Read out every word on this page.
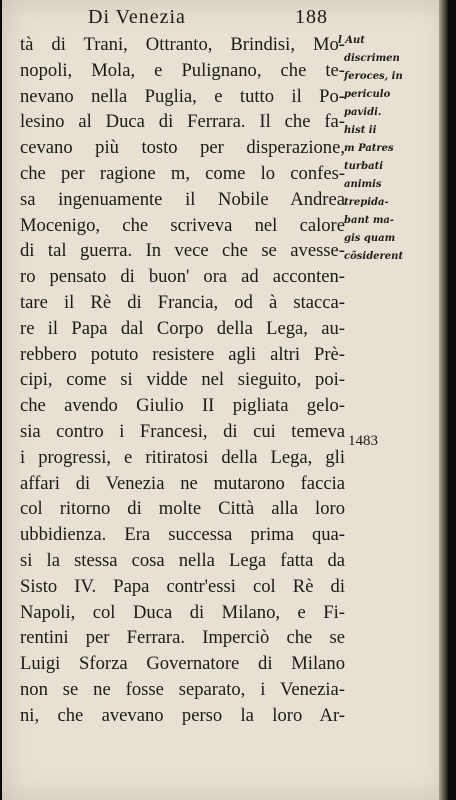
Di Venezia	188
tà di Trani, Ottranto, Brindisi, Mo-
nopoli, Mola, e Pulignano, che te-
nevano nella Puglia, e tutto il Po-
lesino al Duca di Ferrara. Il che fa-
cevano più tosto per disperazione,
che per ragione m, come lo confes-
sa ingenuamente il Nobile Andrea
Mocenigo, che scriveva nel calore
di tal guerra. In vece che se avesse-
ro pensato di buon' ora ad acconten-
tare il Rè di Francia, od à stacca-
re il Papa dal Corpo della Lega, au-
rebbero potuto resistere agli altri Prè-
cipi, come si vidde nel sieguito, poi-
che avendo Giulio II pigliata gelo-
sia contro i Francesi, di cui temeva
i progressi, e ritiratosi della Lega, gli
affari di Venezia ne mutarono faccia
col ritorno di molte Città alla loro
ubbidienza. Era successa prima qua-
si la stessa cosa nella Lega fatta da
Sisto IV. Papa contr'essi col Rè di
Napoli, col Duca di Milano, e Fi-
rentini per Ferrara. Imperciò che se
Luigi Sforza Governatore di Milano
non se ne fosse separato, i Veneziа-
ni, che avevano perso la loro Ar-
l Aut
discrimen
feroces, in
periculo
pavidi.
hist ii
m Patres
turbati
animis
trepida-
bant ma-
gis quam
cõsiderent
1483
